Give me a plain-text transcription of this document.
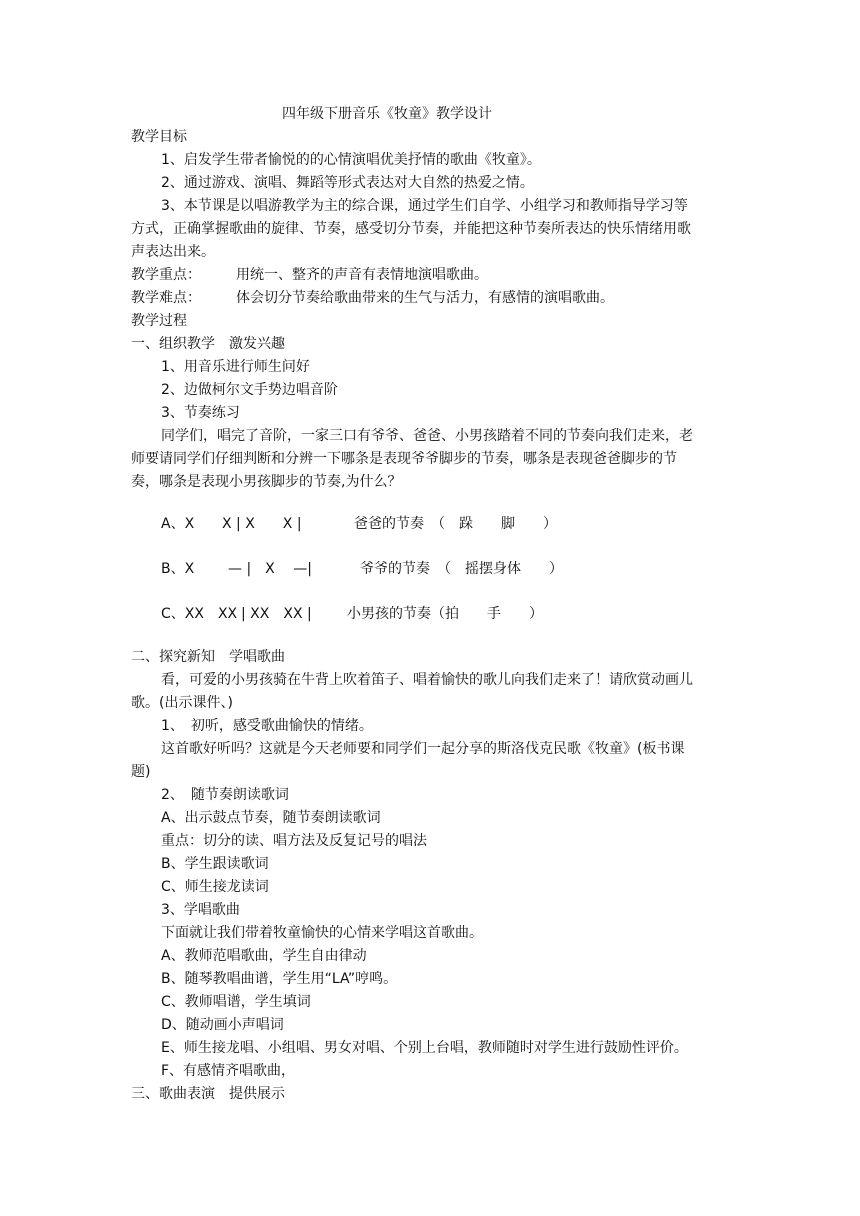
四年级下册音乐《牧童》教学设计
教学目标
1、启发学生带者愉悦的的心情演唱优美抒情的歌曲《牧童》。
2、通过游戏、演唱、舞蹈等形式表达对大自然的热爱之情。
3、本节课是以唱游教学为主的综合课，通过学生们自学、小组学习和教师指导学习等
方式，正确掌握歌曲的旋律、节奏，感受切分节奏，并能把这种节奏所表达的快乐情绪用歌
声表达出来。
教学重点：	用统一、整齐的声音有表情地演唱歌曲。
教学难点：	体会切分节奏给歌曲带来的生气与活力，有感情的演唱歌曲。
教学过程
一、组织教学　激发兴趣
1、用音乐进行师生问好
2、边做柯尔文手势边唱音阶
3、节奏练习
同学们，唱完了音阶，一家三口有爷爷、爸爸、小男孩踏着不同的节奏向我们走来，老
师要请同学们仔细判断和分辨一下哪条是表现爷爷脚步的节奏，哪条是表现爸爸脚步的节
奏，哪条是表现小男孩脚步的节奏,为什么？
A、X X | X　　X |	爸爸的节奏　（　跺　　脚　　）
B、X — |　X　 —|	爷爷的节奏　（　摇摆身体　　）
C、XX　XX | XX　XX |	小男孩的节奏（拍　　手　　）
二、探究新知　学唱歌曲
看，可爱的小男孩骑在牛背上吹着笛子、唱着愉快的歌儿向我们走来了！请欣赏动画儿
歌。(出示课件、)
1、　初听，感受歌曲愉快的情绪。
这首歌好听吗？这就是今天老师要和同学们一起分享的斯洛伐克民歌《牧童》(板书课
题)
2、　随节奏朗读歌词
A、出示鼓点节奏，随节奏朗读歌词
重点：切分的读、唱方法及反复记号的唱法
B、学生跟读歌词
C、师生接龙读词
3、学唱歌曲
下面就让我们带着牧童愉快的心情来学唱这首歌曲。
A、教师范唱歌曲，学生自由律动
B、随琴教唱曲谱，学生用“LA”哼鸣。
C、教师唱谱，学生填词
D、随动画小声唱词
E、师生接龙唱、小组唱、男女对唱、个别上台唱，教师随时对学生进行鼓励性评价。
F、有感情齐唱歌曲，
三、歌曲表演　提供展示
